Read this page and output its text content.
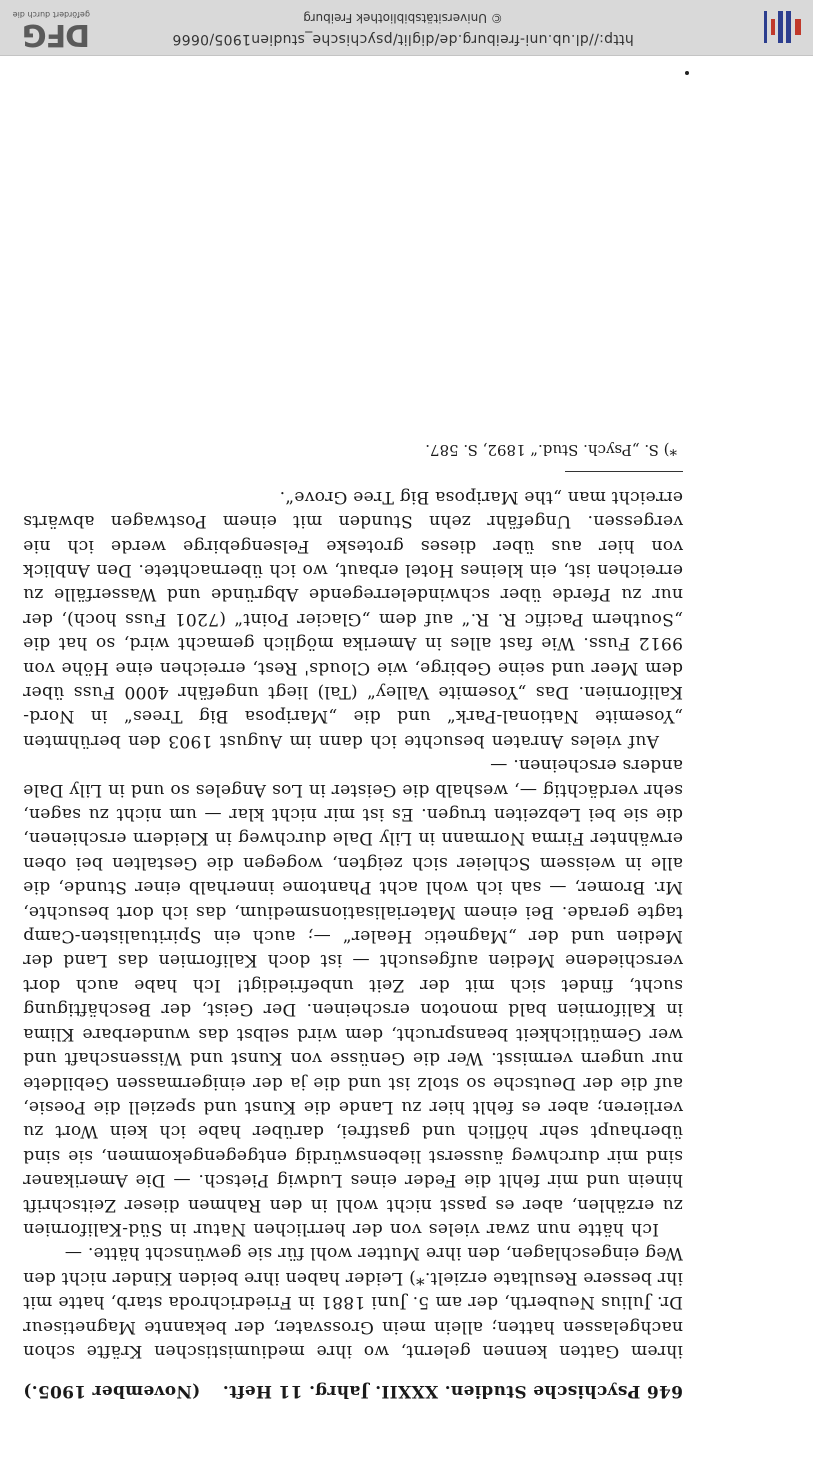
646 Psychische Studien. XXXII. Jahrg. 11 Heft.
(November 1905.)

ihrem Gatten kennen gelernt, wo ihre mediumistischen Kräfte schon nachgelassen hatten; allein mein Grossvater, der bekannte Magnetiseur Dr. Julius Neuberth, der am 5. Juni 1881 in Friedrichroda starb, hatte mit ihr bessere Resultate erzielt.*) Leider haben ihre beiden Kinder nicht den Weg eingeschlagen, den ihre Mutter wohl für sie gewünscht hätte. —

Ich hätte nun zwar vieles von der herrlichen Natur in Süd-Kalifornien zu erzählen, aber es passt nicht wohl in den Rahmen dieser Zeitschrift hinein und mir fehlt die Feder eines Ludwig Pietsch. — Die Amerikaner sind mir durchweg äusserst liebenswürdig entgegengekommen, sie sind überhaupt sehr höflich und gastfrei, darüber habe ich kein Wort zu verlieren; aber es fehlt hier zu Lande die Kunst und speziell die Poesie, auf die der Deutsche so stolz ist und die ja der einigermassen Gebildete nur ungern vermisst. Wer die Genüsse von Kunst und Wissenschaft und wer Gemütlichkeit beansprucht, dem wird selbst das wunderbare Klima in Kalifornien bald monoton erscheinen. Der Geist, der Beschäftigung sucht, findet sich mit der Zeit unbefriedigt! Ich habe auch dort verschiedene Medien aufgesucht — ist doch Kalifornien das Land der Medien und der „Magnetic Healer“ —; auch ein Spiritualisten-Camp tagte gerade. Bei einem Materialisationsmedium, das ich dort besuchte, Mr. Bromer, — sah ich wohl acht Phantome innerhalb einer Stunde, die alle in weissem Schleier sich zeigten, wogegen die Gestalten bei oben erwähnter Firma Normann in Lily Dale durchweg in Kleidern erschienen, die sie bei Lebzeiten trugen. Es ist mir nicht klar — um nicht zu sagen, sehr verdächtig —, weshalb die Geister in Los Angeles so und in Lily Dale anders erscheinen. —

Auf vieles Anraten besuchte ich dann im August 1903 den berühmten „Yosemite National-Park“ und die „Mariposa Big Trees“ in Nord-Kalifornien. Das „Yosemite Valley“ (Tal) liegt ungefähr 4000 Fuss über dem Meer und seine Gebirge, wie Clouds' Rest, erreichen eine Höhe von 9912 Fuss. Wie fast alles in Amerika möglich gemacht wird, so hat die „Southern Pacific R. R.“ auf dem „Glacier Point“ (7201 Fuss hoch), der nur zu Pferde über schwindelerregende Abgründe und Wasserfälle zu erreichen ist, ein kleines Hotel erbaut, wo ich übernachtete. Den Anblick von hier aus über dieses groteske Felsengebirge werde ich nie vergessen. Ungefähr zehn Stunden mit einem Postwagen abwärts erreicht man „the Mariposa Big Tree Grove“.

*) S. „Psych. Stud.“ 1892, S. 587.
http://dl.ub.uni-freiburg.de/diglit/psychische_studien1905/0666
© Universitätsbibliothek Freiburg
DFG
gefördert durch die
